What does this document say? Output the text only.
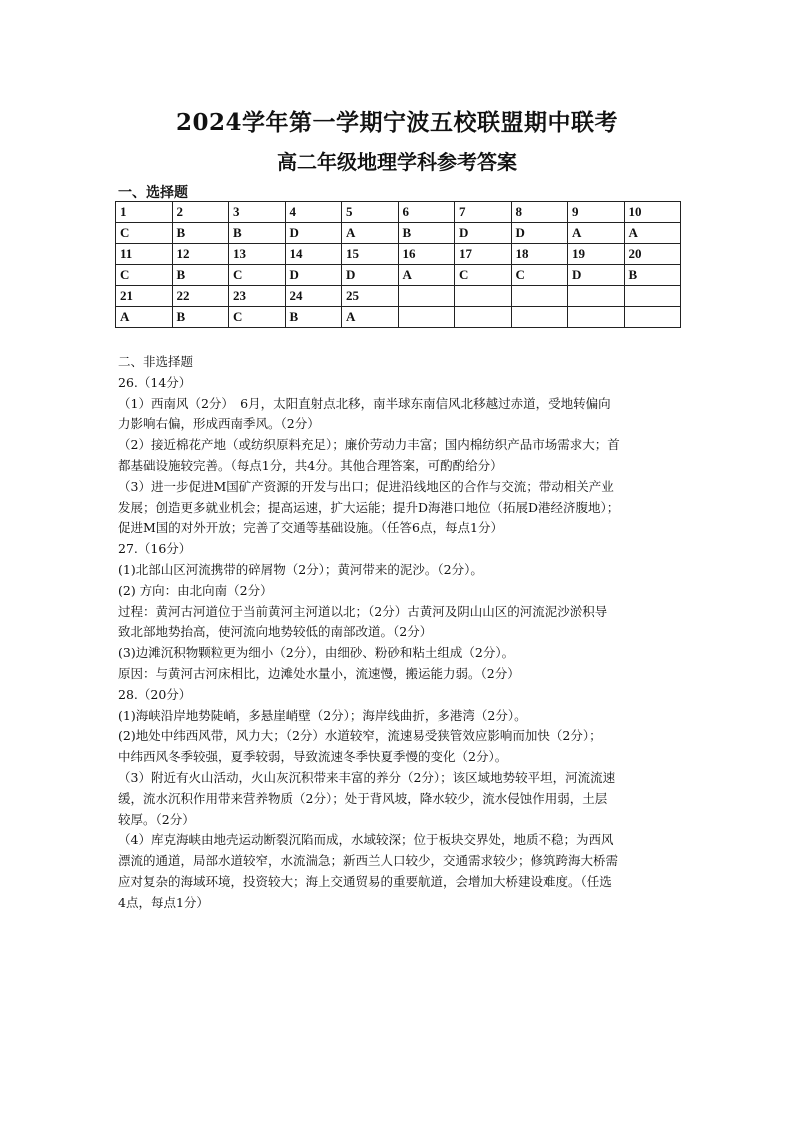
2024学年第一学期宁波五校联盟期中联考
高二年级地理学科参考答案
一、选择题
1	2	3	4	5	6	7	8	9	10
C	B	B	D	A	B	D	D	A	A
11	12	13	14	15	16	17	18	19	20
C	B	C	D	D	A	C	C	D	B
21	22	23	24	25					
A	B	C	B	A					

二、非选择题

26.（14分）

（1）西南风（2分）　6月，太阳直射点北移，南半球东南信风北移越过赤道，受地转偏向

力影响右偏，形成西南季风。（2分）

（2）接近棉花产地（或纺织原料充足）；廉价劳动力丰富；国内棉纺织产品市场需求大；首

都基础设施较完善。（每点1分，共4分。其他合理答案，可酌酌给分）

（3）进一步促进M国矿产资源的开发与出口；促进沿线地区的合作与交流；带动相关产业

发展；创造更多就业机会；提高运速，扩大运能；提升D海港口地位（拓展D港经济腹地）；

促进M国的对外开放；完善了交通等基础设施。（任答6点，每点1分）

27.（16分）

(1)北部山区河流携带的碎屑物（2分）；黄河带来的泥沙。（2分）。

(2) 方向：由北向南（2分）

过程：黄河古河道位于当前黄河主河道以北；（2分）古黄河及阴山山区的河流泥沙淤积导

致北部地势抬高，使河流向地势较低的南部改道。（2分）

(3)边滩沉积物颗粒更为细小（2分），由细砂、粉砂和粘土组成（2分）。

原因：与黄河古河床相比，边滩处水量小，流速慢，搬运能力弱。（2分）

28.（20分）

(1)海峡沿岸地势陡峭，多悬崖峭壁（2分）；海岸线曲折，多港湾（2分）。

(2)地处中纬西风带，风力大；（2分）水道较窄，流速易受狭管效应影响而加快（2分）；

中纬西风冬季较强，夏季较弱，导致流速冬季快夏季慢的变化（2分）。

（3）附近有火山活动，火山灰沉积带来丰富的养分（2分）；该区域地势较平坦，河流流速

缓，流水沉积作用带来营养物质（2分）；处于背风坡，降水较少，流水侵蚀作用弱，土层

较厚。（2分）

（4）库克海峡由地壳运动断裂沉陷而成，水域较深；位于板块交界处，地质不稳；为西风

漂流的通道，局部水道较窄，水流湍急；新西兰人口较少，交通需求较少；修筑跨海大桥需

应对复杂的海域环境，投资较大；海上交通贸易的重要航道，会增加大桥建设难度。（任选

4点，每点1分）
